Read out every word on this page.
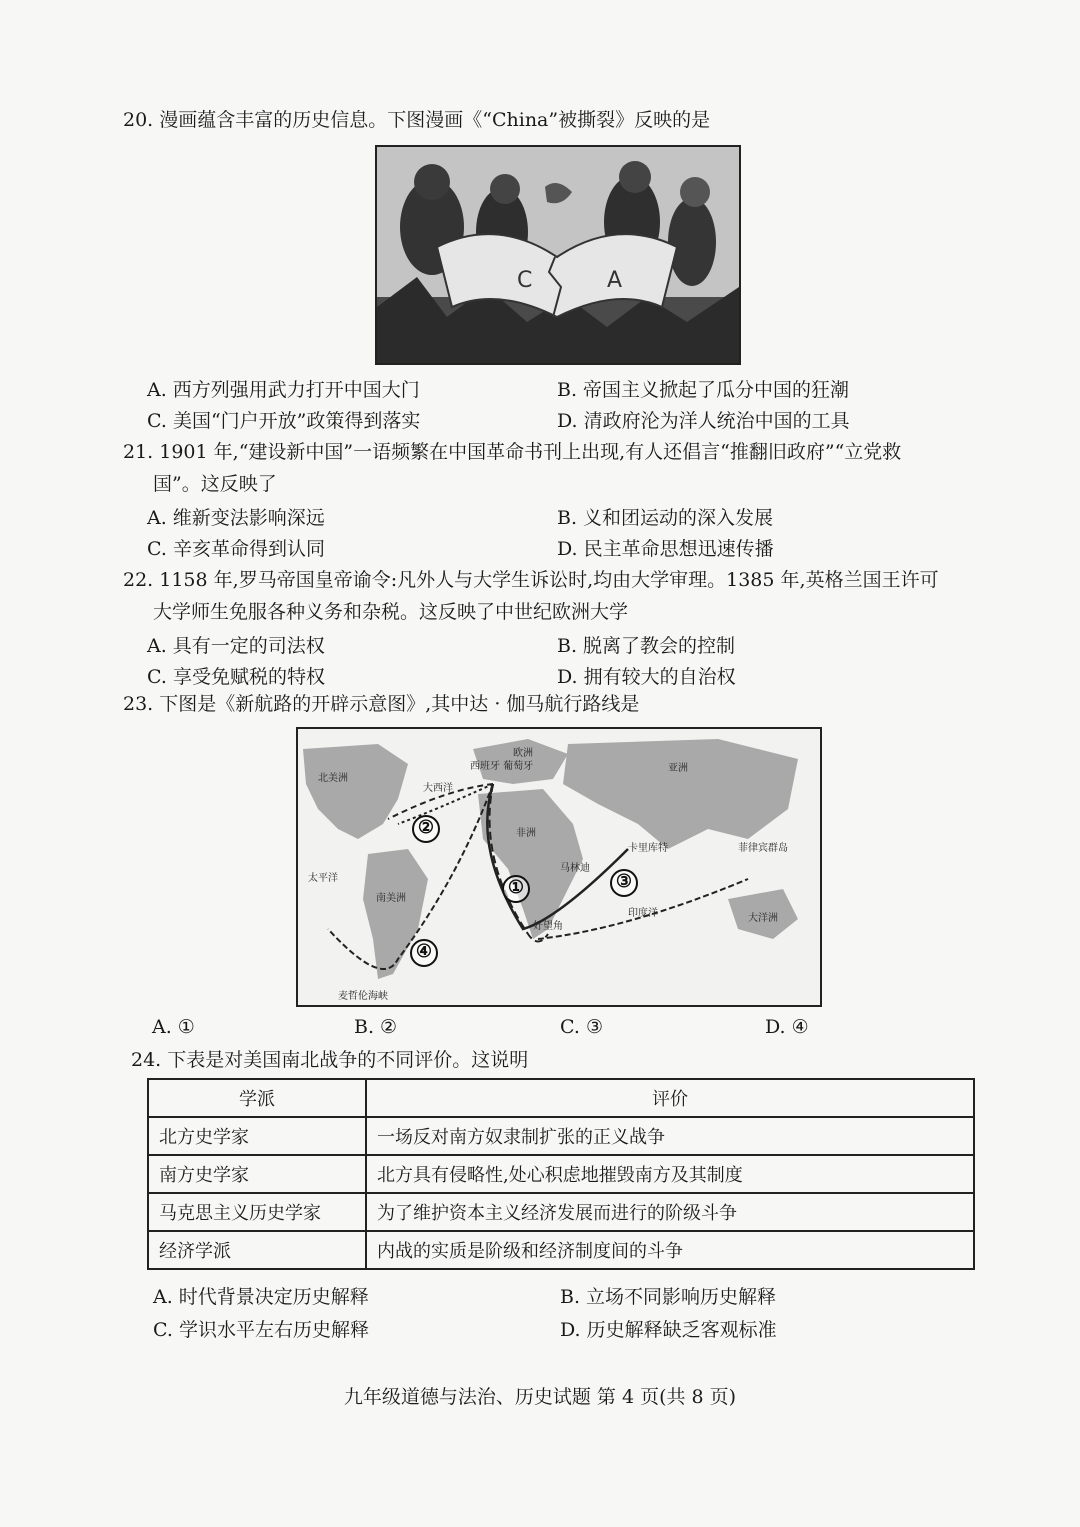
20. 漫画蕴含丰富的历史信息。下图漫画《“China”被撕裂》反映的是
C	A
A. 西方列强用武力打开中国大门	B. 帝国主义掀起了瓜分中国的狂潮
C. 美国“门户开放”政策得到落实	D. 清政府沦为洋人统治中国的工具
21. 1901 年,“建设新中国”一语频繁在中国革命书刊上出现,有人还倡言“推翻旧政府”“立党救
国”。这反映了
A. 维新变法影响深远	B. 义和团运动的深入发展
C. 辛亥革命得到认同	D. 民主革命思想迅速传播
22. 1158 年,罗马帝国皇帝谕令:凡外人与大学生诉讼时,均由大学审理。1385 年,英格兰国王许可
大学师生免服各种义务和杂税。这反映了中世纪欧洲大学
A. 具有一定的司法权	B. 脱离了教会的控制
C. 享受免赋税的特权	D. 拥有较大的自治权
23. 下图是《新航路的开辟示意图》,其中达 · 伽马航行路线是
①
②
③
④
西班牙 葡萄牙
卡里库特
马林迪
好望角
麦哲伦海峡
菲律宾群岛
北美洲
南美洲
非洲
欧洲
亚洲
大洋洲
大西洋
印度洋
太平洋
A. ①	B. ②	C. ③	D. ④
24. 下表是对美国南北战争的不同评价。这说明
学派	评价
北方史学家	一场反对南方奴隶制扩张的正义战争
南方史学家	北方具有侵略性,处心积虑地摧毁南方及其制度
马克思主义历史学家	为了维护资本主义经济发展而进行的阶级斗争
经济学派	内战的实质是阶级和经济制度间的斗争
A. 时代背景决定历史解释	B. 立场不同影响历史解释
C. 学识水平左右历史解释	D. 历史解释缺乏客观标准
九年级道德与法治、历史试题 第 4 页(共 8 页)
